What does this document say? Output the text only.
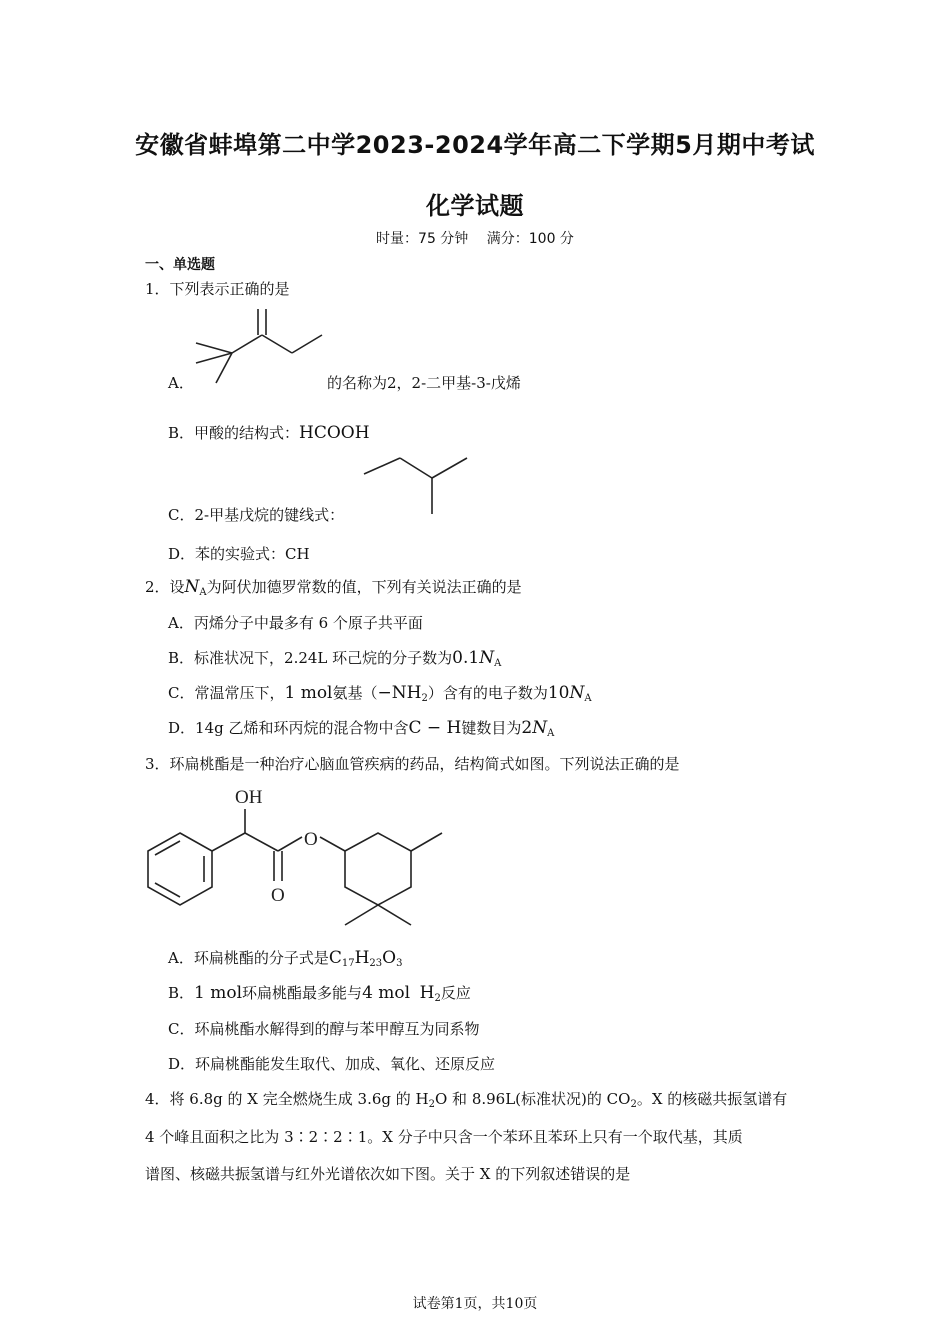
安徽省蚌埠第二中学2023-2024学年高二下学期5月期中考试
化学试题
时量：75 分钟　 满分：100 分
一、单选题
1．下列表示正确的是
A．	的名称为2，2-二甲基-3-戊烯
B．甲酸的结构式：HCOOH
C．2-甲基戊烷的键线式：
D．苯的实验式：CH
2．设$N_A$为阿伏加德罗常数的值，下列有关说法正确的是
A．丙烯分子中最多有 6 个原子共平面
B．标准状况下，2.24L 环己烷的分子数为$0.1N_A$
C．常温常压下，1 mol氨基$(-NH_2)$含有的电子数为$10N_A$
D．14g 乙烯和环丙烷的混合物中含C − H键数目为$2N_A$
3．环扁桃酯是一种治疗心脑血管疾病的药品，结构简式如图。下列说法正确的是
OH
O
O
A．环扁桃酯的分子式是$C_{17}H_{23}O_3$
B．1 mol环扁桃酯最多能与4 mol $H_2$反应
C．环扁桃酯水解得到的醇与苯甲醇互为同系物
D．环扁桃酯能发生取代、加成、氧化、还原反应
4．将 6.8g 的 X 完全燃烧生成 3.6g 的 $H_2O$ 和 8.96L(标准状况)的 $CO_2$。X 的核磁共振氢谱有
4 个峰且面积之比为 3∶2∶2∶1。X 分子中只含一个苯环且苯环上只有一个取代基，其质
谱图、核磁共振氢谱与红外光谱依次如下图。关于 X 的下列叙述错误的是
试卷第1页，共10页
